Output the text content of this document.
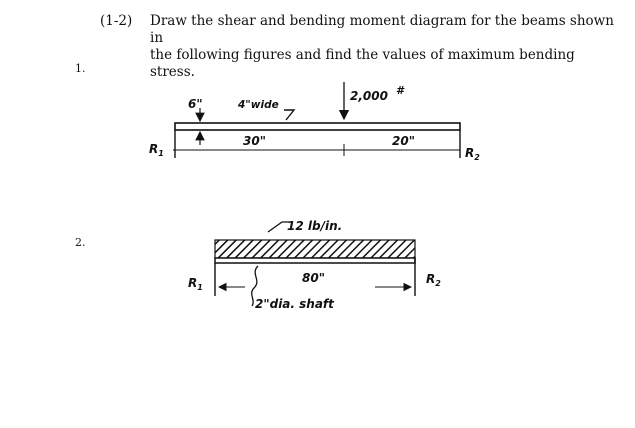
(1-2) Draw the shear and bending moment diagram for the beams shown in
the following figures and find the values of maximum bending stress.
1.
2.
6"	4"wide
2,000 #
30"	20"
$R_1$	$R_2$
12 lb/in.
80"
2"dia. shaft
$R_1$
$R_2$
